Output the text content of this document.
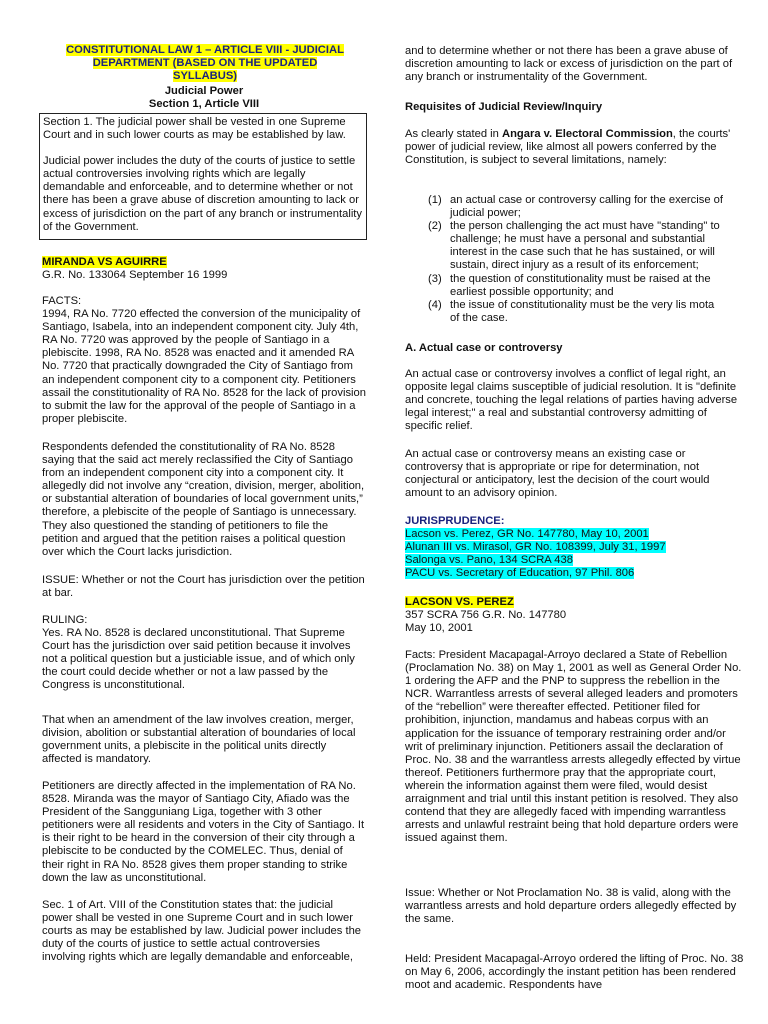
CONSTITUTIONAL LAW 1 – ARTICLE VIII - JUDICIAL
DEPARTMENT (BASED ON THE UPDATED SYLLABUS)
Judicial Power
Section 1, Article VIII

Section 1. The judicial power shall be vested in one Supreme Court and in such lower courts as may be established by law.

Judicial power includes the duty of the courts of justice to settle actual controversies involving rights which are legally demandable and enforceable, and to determine whether or not there has been a grave abuse of discretion amounting to lack or excess of jurisdiction on the part of any branch or instrumentality of the Government.

MIRANDA VS AGUIRRE
G.R. No. 133064 September 16 1999
FACTS:

1994, RA No. 7720 effected the conversion of the municipality of Santiago, Isabela, into an independent component city. July 4th, RA No. 7720 was approved by the people of Santiago in a plebiscite. 1998, RA No. 8528 was enacted and it amended RA No. 7720 that practically downgraded the City of Santiago from an independent component city to a component city. Petitioners assail the constitutionality of RA No. 8528 for the lack of provision to submit the law for the approval of the people of Santiago in a proper plebiscite.

Respondents defended the constitutionality of RA No. 8528 saying that the said act merely reclassified the City of Santiago from an independent component city into a component city. It allegedly did not involve any “creation, division, merger, abolition, or substantial alteration of boundaries of local government units,” therefore, a plebiscite of the people of Santiago is unnecessary. They also questioned the standing of petitioners to file the petition and argued that the petition raises a political question over which the Court lacks jurisdiction.

ISSUE: Whether or not the Court has jurisdiction over the petition at bar.

RULING:

Yes. RA No. 8528 is declared unconstitutional. That Supreme Court has the jurisdiction over said petition because it involves not a political question but a justiciable issue, and of which only the court could decide whether or not a law passed by the Congress is unconstitutional.

That when an amendment of the law involves creation, merger, division, abolition or substantial alteration of boundaries of local government units, a plebiscite in the political units directly affected is mandatory.

Petitioners are directly affected in the implementation of RA No. 8528. Miranda was the mayor of Santiago City, Afiado was the President of the Sangguniang Liga, together with 3 other petitioners were all residents and voters in the City of Santiago. It is their right to be heard in the conversion of their city through a plebiscite to be conducted by the COMELEC. Thus, denial of their right in RA No. 8528 gives them proper standing to strike down the law as unconstitutional.

Sec. 1 of Art. VIII of the Constitution states that: the judicial power shall be vested in one Supreme Court and in such lower courts as may be established by law. Judicial power includes the duty of the courts of justice to settle actual controversies involving rights which are legally demandable and enforceable,

and to determine whether or not there has been a grave abuse of discretion amounting to lack or excess of jurisdiction on the part of any branch or instrumentality of the Government.

Requisites of Judicial Review/Inquiry

As clearly stated in Angara v. Electoral Commission, the courts' power of judicial review, like almost all powers conferred by the Constitution, is subject to several limitations, namely:

(1) an actual case or controversy calling for the exercise of judicial power;
(2) the person challenging the act must have "standing" to challenge; he must have a personal and substantial interest in the case such that he has sustained, or will sustain, direct injury as a result of its enforcement;
(3) the question of constitutionality must be raised at the earliest possible opportunity; and
(4) the issue of constitutionality must be the very lis mota of the case.
A. Actual case or controversy

An actual case or controversy involves a conflict of legal right, an opposite legal claims susceptible of judicial resolution. It is "definite and concrete, touching the legal relations of parties having adverse legal interest;" a real and substantial controversy admitting of specific relief.

An actual case or controversy means an existing case or controversy that is appropriate or ripe for determination, not conjectural or anticipatory, lest the decision of the court would amount to an advisory opinion.

JURISPRUDENCE:
Lacson vs. Perez, GR No. 147780, May 10, 2001
Alunan III vs. Mirasol, GR No. 108399, July 31, 1997
Salonga vs. Pano, 134 SCRA 438
PACU vs. Secretary of Education, 97 Phil. 806
LACSON VS. PEREZ
357 SCRA 756 G.R. No. 147780
May 10, 2001

Facts: President Macapagal-Arroyo declared a State of Rebellion (Proclamation No. 38) on May 1, 2001 as well as General Order No. 1 ordering the AFP and the PNP to suppress the rebellion in the NCR. Warrantless arrests of several alleged leaders and promoters of the “rebellion” were thereafter effected. Petitioner filed for prohibition, injunction, mandamus and habeas corpus with an application for the issuance of temporary restraining order and/or writ of preliminary injunction. Petitioners assail the declaration of Proc. No. 38 and the warrantless arrests allegedly effected by virtue thereof. Petitioners furthermore pray that the appropriate court, wherein the information against them were filed, would desist arraignment and trial until this instant petition is resolved. They also contend that they are allegedly faced with impending warrantless arrests and unlawful restraint being that hold departure orders were issued against them.

Issue: Whether or Not Proclamation No. 38 is valid, along with the warrantless arrests and hold departure orders allegedly effected by the same.

Held: President Macapagal-Arroyo ordered the lifting of Proc. No. 38 on May 6, 2006, accordingly the instant petition has been rendered moot and academic. Respondents have
